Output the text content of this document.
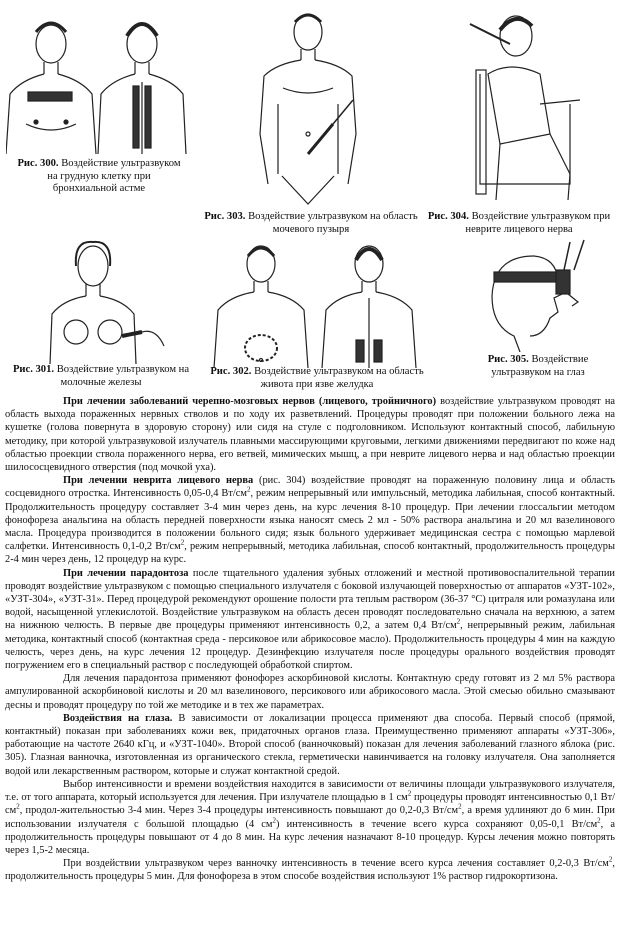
Рис. 300. Воздействие ультразвуком на грудную клетку при бронхиальной астме
Рис. 303. Воздействие ультразвуком на область мочевого пузыря
Рис. 304. Воздействие ультразвуком при неврите лицевого нерва
Рис. 301. Воздействие ультразвуком на молочные железы
Рис. 302. Воздействие ультразвуком на область живота при язве желудка
Рис. 305. Воздействие ультразвуком на глаз

При лечении заболеваний черепно-мозговых нервов (лицевого, тройничного) воздействие ультразвуком проводят на область выхода пораженных нервных стволов и по ходу их разветвлений. Процедуры проводят при положении больного лежа на кушетке (голова повернута в здоровую сторону) или сидя на стуле с подголовником. Используют контактный способ, лабильную методику, при которой ультразвуковой излучатель плавными массирующими круговыми, легкими движениями передвигают по коже над областью проекции ствола пораженного нерва, его ветвей, мимических мышц, а при неврите лицевого нерва и над областью проекции шилососцевидного отверстия (под мочкой уха).

При лечении неврита лицевого нерва (рис. 304) воздействие проводят на пораженную половину лица и область сосцевидного отростка. Интенсивность 0,05-0,4 $Вт/см^2$, режим непрерывный или импульсный, методика лабильная, способ контактный. Продолжительность процедуру составляет 3-4 мин через день, на курс лечения 8-10 процедур. При лечении глоссальгии методом фонофореза анальгина на область передней поверхности языка наносят смесь 2 мл - 50% раствора анальгина и 20 мл вазелинового масла. Процедура производится в положении больного сидя; язык больного удерживает медицинская сестра с помощью марлевой салфетки. Интенсивность 0,1-0,2 $Вт/см^2$, режим непрерывный, методика лабильная, способ контактный, продолжительность процедуры 2-4 мин через день, 12 процедур на курс.

При лечении парадонтоза после тщательного удаления зубных отложений и местной противовоспалительной терапии проводят воздействие ультразвуком с помощью специального излучателя с боковой излучающей поверхностью от аппаратов «УЗТ-102», «УЗТ-304», «УЗТ-31». Перед процедурой рекомендуют орошение полости рта теплым раствором (36-37 °С) цитраля или ромазулана или водой, насыщенной углекислотой. Воздействие ультразвуком на область десен проводят последовательно сначала на верхнюю, а затем на нижнюю челюсть. В первые две процедуры применяют интенсивность 0,2, а затем 0,4 $Вт/см^2$, непрерывный режим, лабильная методика, контактный способ (контактная среда - персиковое или абрикосовое масло). Продолжительность процедуры 4 мин на каждую челюсть, через день, на курс лечения 12 процедур. Дезинфекцию излучателя после процедуры орального воздействия проводят погружением его в специальный раствор с последующей обработкой спиртом.

Для лечения парадонтоза применяют фонофорез аскорбиновой кислоты. Контактную среду готовят из 2 мл 5% раствора ампулированной аскорбиновой кислоты и 20 мл вазелинового, персикового или абрикосового масла. Этой смесью обильно смазывают десны и проводят процедуру по той же методике и в тех же параметрах.

Воздействия на глаза. В зависимости от локализации процесса применяют два способа. Первый способ (прямой, контактный) показан при заболеваниях кожи век, придаточных органов глаза. Преимущественно применяют аппараты «УЗТ-306», работающие на частоте 2640 кГц, и «УЗТ-1040». Второй способ (ванночковый) показан для лечения заболеваний глазного яблока (рис. 305). Глазная ванночка, изготовленная из органического стекла, герметически навинчивается на головку излучателя. Она заполняется водой или лекарственным раствором, которые и служат контактной средой.

Выбор интенсивности и времени воздействия находится в зависимости от величины площади ультразвукового излучателя, т.е. от того аппарата, который используется для лечения. При излучателе площадью в 1 $см^2$ процедуры проводят интенсивностью 0,1 $Вт/см^2$, продол-жительностью 3-4 мин. Через 3-4 процедуры интенсивность повышают до 0,2-0,3 $Вт/см^2$, а время удлиняют до 6 мин. При использовании излучателя с большой площадью (4 $см^2$) интенсивность в течение всего курса сохраняют 0,05-0,1 $Вт/см^2$, а продолжительность процедуры повышают от 4 до 8 мин. На курс лечения назначают 8-10 процедур. Курсы лечения можно повторять через 1,5-2 месяца.

При воздействии ультразвуком через ванночку интенсивность в течение всего курса лечения составляет 0,2-0,3 $Вт/см^2$, продолжительность процедуры 5 мин. Для фонофореза в этом способе воздействия используют 1% раствор гидрокортизона.
